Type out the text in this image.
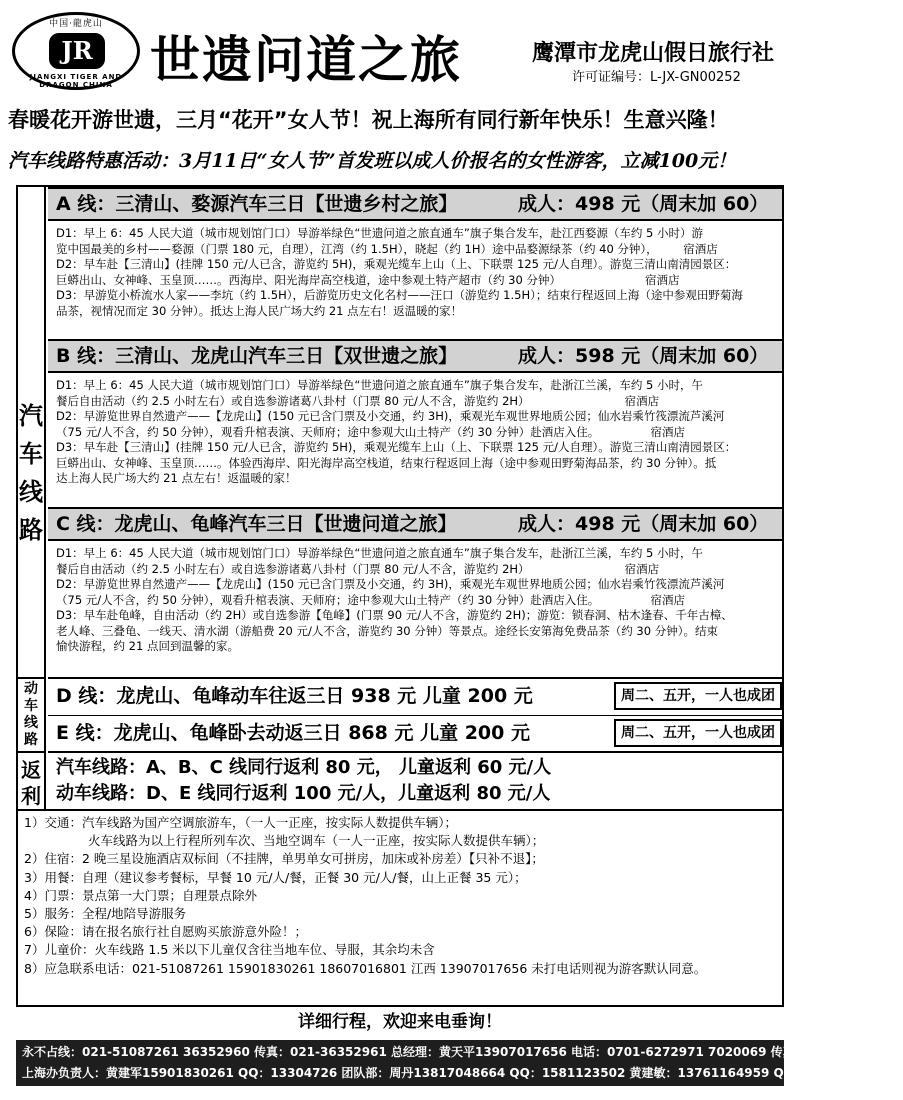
中国·龍虎山
JR
JIANGXI TIGER AND DRAGON CHINA 世遗问道之旅	鹰潭市龙虎山假日旅行社
许可证编号：L-JX-GN00252
春暖花开游世遗，三月“花开”女人节！祝上海所有同行新年快乐！生意兴隆！
汽车线路特惠活动：3月11日“女人节”首发班以成人价报名的女性游客，立减100元！
汽车线路
动车线路
返利
A 线：三清山、婺源汽车三日【世遗乡村之旅】	成人：498 元（周末加 60）

D1：早上 6：45 人民大道（城市规划馆门口）导游举绿色“世遗问道之旅直通车”旗子集合发车，赴江西婺源（车约 5 小时）游

览中国最美的乡村——婺源（门票 180 元，自理），江湾（约 1.5H），晓起（约 1H）途中品婺源绿茶（约 40 分钟），       宿酒店

D2：早车赴【三清山】(挂牌 150 元/人已含，游览约 5H)，乘观光缆车上山（上、下联票 125 元/人自理）。游览三清山南清园景区：

巨蟒出山、女神峰、玉皇顶……。西海岸、阳光海岸高空栈道，途中参观土特产超市（约 30 分钟）                       宿酒店

D3：早游览小桥流水人家——李坑（约 1.5H），后游览历史文化名村——汪口（游览约 1.5H）；结束行程返回上海（途中参观田野菊海

品茶，视情况而定 30 分钟）。抵达上海人民广场大约 21 点左右！返温暖的家！

B 线：三清山、龙虎山汽车三日【双世遗之旅】	成人：598 元（周末加 60）

D1：早上 6：45 人民大道（城市规划馆门口）导游举绿色“世遗问道之旅直通车”旗子集合发车，赴浙江兰溪，车约 5 小时，午

餐后自由活动（约 2.5 小时左右）或自选参游诸葛八卦村（门票 80 元/人不含，游览约 2H）                          宿酒店

D2：早游览世界自然遗产——【龙虎山】(150 元已含门票及小交通，约 3H)，乘观光车观世界地质公园；仙水岩乘竹筏漂流芦溪河

（75 元/人不含，约 50 分钟），观看升棺表演、天师府；途中参观大山土特产（约 30 分钟）赴酒店入住。              宿酒店

D3：早车赴【三清山】(挂牌 150 元/人已含，游览约 5H)，乘观光缆车上山（上、下联票 125 元/人自理）。游览三清山南清园景区：

巨蟒出山、女神峰、玉皇顶……。体验西海岸、阳光海岸高空栈道，结束行程返回上海（途中参观田野菊海品茶，约 30 分钟）。抵

达上海人民广场大约 21 点左右！返温暖的家！

C 线：龙虎山、龟峰汽车三日【世遗问道之旅】	成人：498 元（周末加 60）

D1：早上 6：45 人民大道（城市规划馆门口）导游举绿色“世遗问道之旅直通车”旗子集合发车，赴浙江兰溪，车约 5 小时，午

餐后自由活动（约 2.5 小时左右）或自选参游诸葛八卦村（门票 80 元/人不含，游览约 2H）                          宿酒店

D2：早游览世界自然遗产——【龙虎山】(150 元已含门票及小交通，约 3H)，乘观光车观世界地质公园；仙水岩乘竹筏漂流芦溪河

（75 元/人不含，约 50 分钟），观看升棺表演、天师府；途中参观大山土特产（约 30 分钟）赴酒店入住。              宿酒店

D3：早车赴龟峰，自由活动（约 2H）或自选参游【龟峰】(门票 90 元/人不含，游览约 2H)；游览：锁春洞、枯木逢春、千年古樟、

老人峰、三叠龟、一线天、清水湖（游船费 20 元/人不含，游览约 30 分钟）等景点。途经长安第海免费品茶（约 30 分钟）。结束

愉快游程，约 21 点回到温馨的家。

D 线：龙虎山、龟峰动车往返三日 938 元 儿童 200 元	周二、五开，一人也成团
E 线：龙虎山、龟峰卧去动返三日 868 元 儿童 200 元	周二、五开，一人也成团

汽车线路：A、B、C 线同行返利 80 元， 儿童返利 60 元/人

动车线路：D、E 线同行返利 100 元/人，儿童返利 80 元/人

1）交通：汽车线路为国产空调旅游车，（一人一正座，按实际人数提供车辆）；

火车线路为以上行程所列车次、当地空调车（一人一正座，按实际人数提供车辆）；

2）住宿：2 晚三星设施酒店双标间（不挂牌，单男单女可拼房，加床或补房差）【只补不退】；

3）用餐：自理（建议参考餐标，早餐 10 元/人/餐，正餐 30 元/人/餐，山上正餐 35 元）；

4）门票：景点第一大门票；自理景点除外

5）服务：全程/地陪导游服务

6）保险：请在报名旅行社自愿购买旅游意外险！；

7）儿童价：火车线路 1.5 米以下儿童仅含往当地车位、导服，其余均未含

8）应急联系电话：021-51087261 15901830261 18607016801 江西 13907017656 未打电话则视为游客默认同意。

详细行程，欢迎来电垂询！

永不占线：021-51087261 36352960 传真：021-36352961 总经理：黄天平13907017656 电话：0701-6272971 7020069 传真：0701-7039567

上海办负责人：黄建军15901830261 QQ：13304726 团队部：周丹13817048664 QQ：1581123502 黄建敏：13761164959 QQ：1462864473
